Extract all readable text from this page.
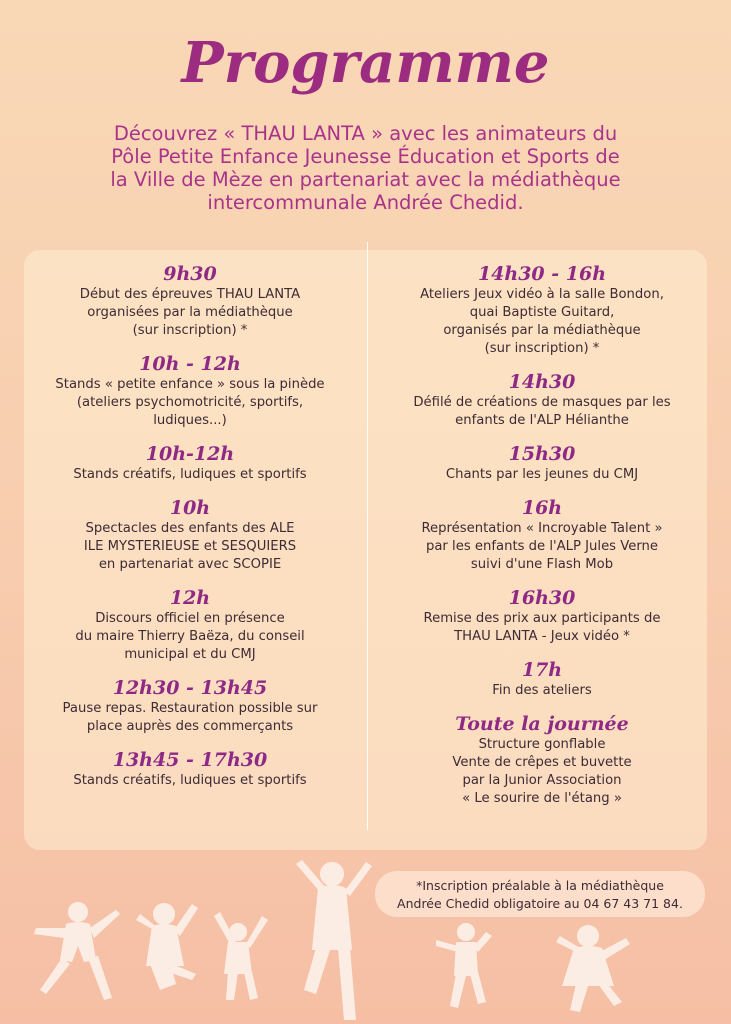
Programme
Découvrez « THAU LANTA » avec les animateurs du
Pôle Petite Enfance Jeunesse Éducation et Sports de
la Ville de Mèze en partenariat avec la médiathèque
intercommunale Andrée Chedid.
9h30
Début des épreuves THAU LANTA
organisées par la médiathèque
(sur inscription) *
10h - 12h
Stands « petite enfance » sous la pinède
(ateliers psychomotricité, sportifs,
ludiques...)
10h-12h
Stands créatifs, ludiques et sportifs
10h
Spectacles des enfants des ALE
ILE MYSTERIEUSE et SESQUIERS
en partenariat avec SCOPIE
12h
Discours officiel en présence
du maire Thierry Baëza, du conseil
municipal et du CMJ
12h30 - 13h45
Pause repas. Restauration possible sur
place auprès des commerçants
13h45 - 17h30
Stands créatifs, ludiques et sportifs
14h30 - 16h
Ateliers Jeux vidéo à la salle Bondon,
quai Baptiste Guitard,
organisés par la médiathèque
(sur inscription) *
14h30
Défilé de créations de masques par les
enfants de l'ALP Hélianthe
15h30
Chants par les jeunes du CMJ
16h
Représentation « Incroyable Talent »
par les enfants de l'ALP Jules Verne
suivi d'une Flash Mob
16h30
Remise des prix aux participants de
THAU LANTA - Jeux vidéo *
17h
Fin des ateliers
Toute la journée
Structure gonflable
Vente de crêpes et buvette
par la Junior Association
« Le sourire de l'étang »
*Inscription préalable à la médiathèque
Andrée Chedid obligatoire au 04 67 43 71 84.
